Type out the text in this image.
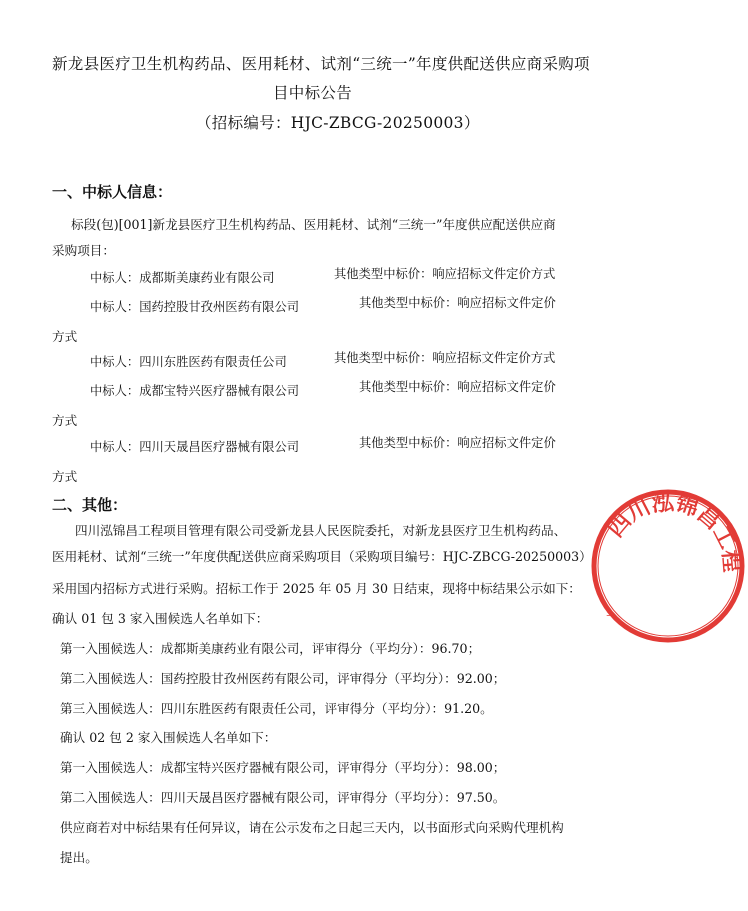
新龙县医疗卫生机构药品、医用耗材、试剂“三统一”年度供配送供应商采购项
目中标公告
（招标编号：HJC-ZBCG-20250003）
一、中标人信息：
标段(包)[001]新龙县医疗卫生机构药品、医用耗材、试剂“三统一”年度供应配送供应商
采购项目：
中标人：成都斯美康药业有限公司	其他类型中标价：响应招标文件定价方式
中标人：国药控股甘孜州医药有限公司	其他类型中标价：响应招标文件定价
方式
中标人：四川东胜医药有限责任公司	其他类型中标价：响应招标文件定价方式
中标人：成都宝特兴医疗器械有限公司	其他类型中标价：响应招标文件定价
方式
中标人：四川天晟昌医疗器械有限公司	其他类型中标价：响应招标文件定价
方式
二、其他：
四川泓锦昌工程项目管理有限公司受新龙县人民医院委托，对新龙县医疗卫生机构药品、
医用耗材、试剂“三统一”年度供配送供应商采购项目（采购项目编号：HJC-ZBCG-20250003）
采用国内招标方式进行采购。招标工作于 2025 年 05 月 30 日结束，现将中标结果公示如下：
确认 01 包 3 家入围候选人名单如下：
第一入围候选人：成都斯美康药业有限公司，评审得分（平均分）：96.70；
第二入围候选人：国药控股甘孜州医药有限公司，评审得分（平均分）：92.00；
第三入围候选人：四川东胜医药有限责任公司，评审得分（平均分）：91.20。
确认 02 包 2 家入围候选人名单如下：
第一入围候选人：成都宝特兴医疗器械有限公司，评审得分（平均分）：98.00；
第二入围候选人：四川天晟昌医疗器械有限公司，评审得分（平均分）：97.50。
供应商若对中标结果有任何异议，请在公示发布之日起三天内，以书面形式向采购代理机构
提出。
四川泓锦昌工程
5
